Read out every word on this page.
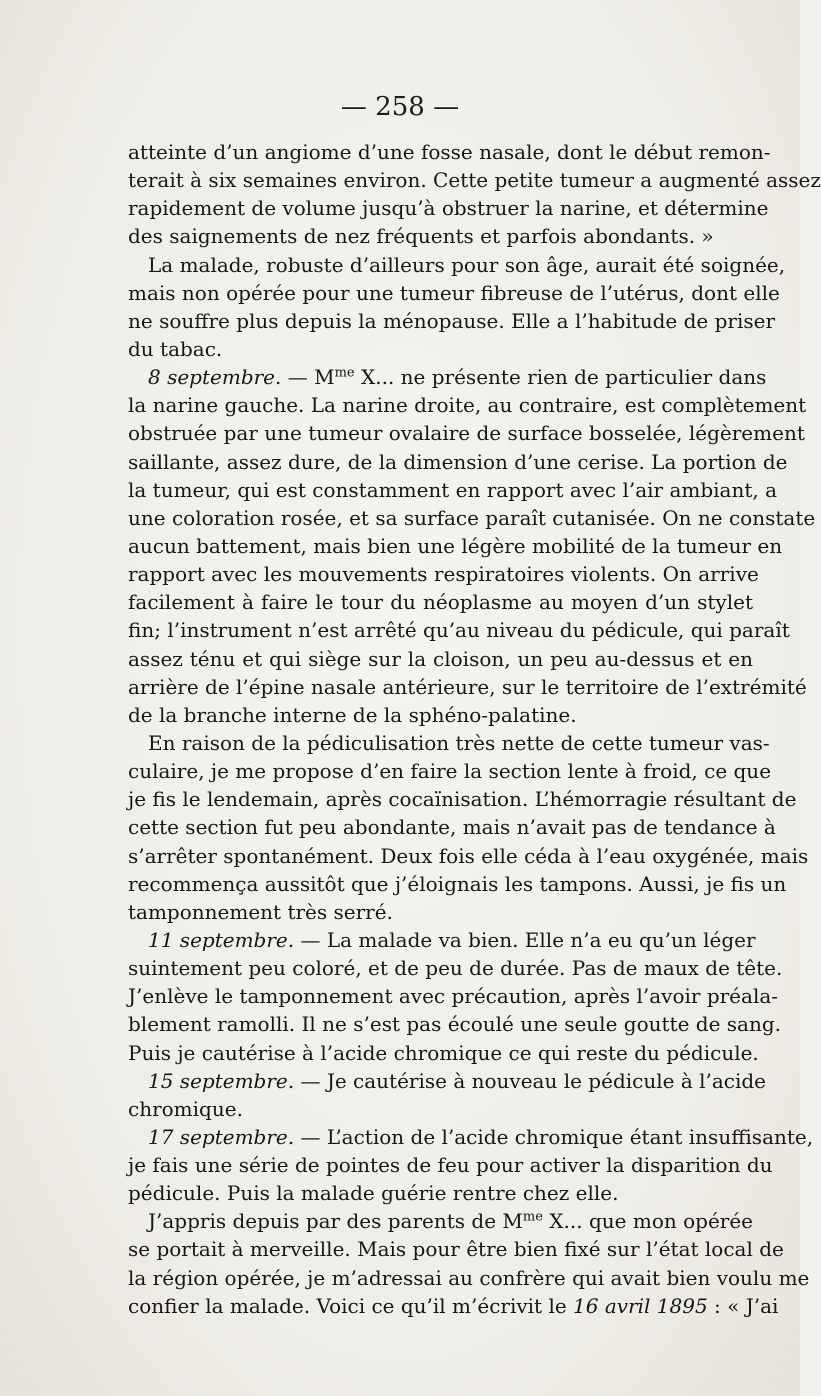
— 258 —
atteinte d’un angiome d’une fosse nasale, dont le début remon-
terait à six semaines environ. Cette petite tumeur a augmenté assez
rapidement de volume jusqu’à obstruer la narine, et détermine
des saignements de nez fréquents et parfois abondants. »
La malade, robuste d’ailleurs pour son âge, aurait été soignée,
mais non opérée pour une tumeur fibreuse de l’utérus, dont elle
ne souffre plus depuis la ménopause. Elle a l’habitude de priser
du tabac.
8 septembre. — $M^{me}$ X... ne présente rien de particulier dans
la narine gauche. La narine droite, au contraire, est complètement
obstruée par une tumeur ovalaire de surface bosselée, légèrement
saillante, assez dure, de la dimension d’une cerise. La portion de
la tumeur, qui est constamment en rapport avec l’air ambiant, a
une coloration rosée, et sa surface paraît cutanisée. On ne constate
aucun battement, mais bien une légère mobilité de la tumeur en
rapport avec les mouvements respiratoires violents. On arrive
facilement à faire le tour du néoplasme au moyen d’un stylet
fin; l’instrument n’est arrêté qu’au niveau du pédicule, qui paraît
assez ténu et qui siège sur la cloison, un peu au-dessus et en
arrière de l’épine nasale antérieure, sur le territoire de l’extrémité
de la branche interne de la sphéno-palatine.
En raison de la pédiculisation très nette de cette tumeur vas-
culaire, je me propose d’en faire la section lente à froid, ce que
je fis le lendemain, après cocaïnisation. L’hémorragie résultant de
cette section fut peu abondante, mais n’avait pas de tendance à
s’arrêter spontanément. Deux fois elle céda à l’eau oxygénée, mais
recommença aussitôt que j’éloignais les tampons. Aussi, je fis un
tamponnement très serré.
11 septembre. — La malade va bien. Elle n’a eu qu’un léger
suintement peu coloré, et de peu de durée. Pas de maux de tête.
J’enlève le tamponnement avec précaution, après l’avoir préala-
blement ramolli. Il ne s’est pas écoulé une seule goutte de sang.
Puis je cautérise à l’acide chromique ce qui reste du pédicule.
15 septembre. — Je cautérise à nouveau le pédicule à l’acide
chromique.
17 septembre. — L’action de l’acide chromique étant insuffisante,
je fais une série de pointes de feu pour activer la disparition du
pédicule. Puis la malade guérie rentre chez elle.
J’appris depuis par des parents de $M^{me}$ X... que mon opérée
se portait à merveille. Mais pour être bien fixé sur l’état local de
la région opérée, je m’adressai au confrère qui avait bien voulu me
confier la malade. Voici ce qu’il m’écrivit le 16 avril 1895 : « J’ai
